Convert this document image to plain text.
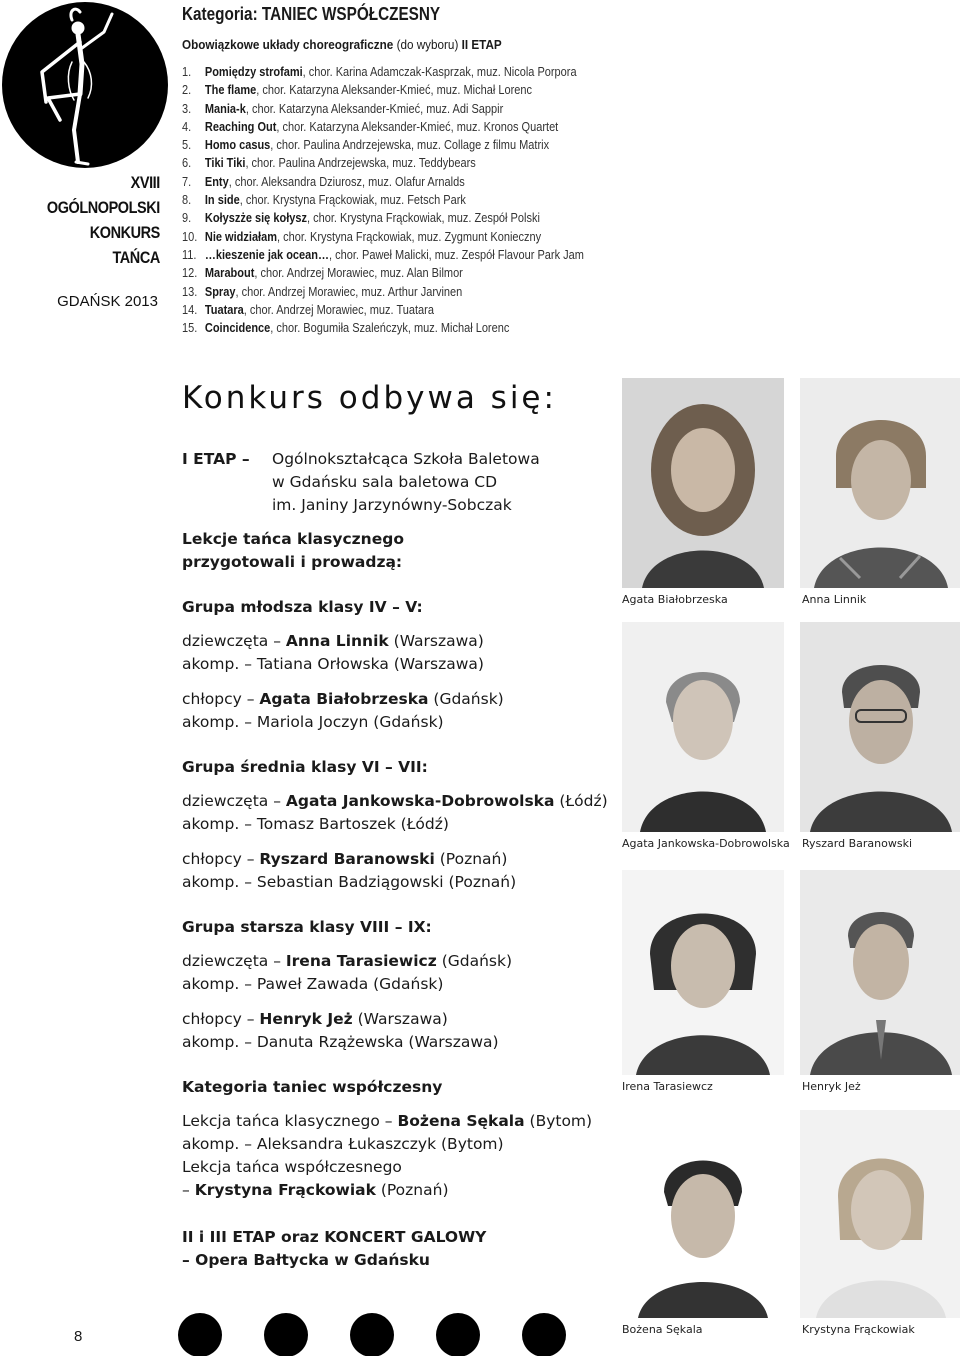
XVIII
OGÓLNOPOLSKI
KONKURS
TAŃCA
GDAŃSK 2013
Kategoria: TANIEC WSPÓŁCZESNY
Obowiązkowe układy choreograficzne (do wyboru) II ETAP
1. Pomiędzy strofami, chor. Karina Adamczak-Kasprzak, muz. Nicola Porpora
2. The flame, chor. Katarzyna Aleksander-Kmieć, muz. Michał Lorenc
3. Mania-k, chor. Katarzyna Aleksander-Kmieć, muz. Adi Sappir
4. Reaching Out, chor. Katarzyna Aleksander-Kmieć, muz. Kronos Quartet
5. Homo casus, chor. Paulina Andrzejewska, muz. Collage z filmu Matrix
6. Tiki Tiki, chor. Paulina Andrzejewska, muz. Teddybears
7. Enty, chor. Aleksandra Dziurosz, muz. Olafur Arnalds
8. In side, chor. Krystyna Frąckowiak, muz. Fetsch Park
9. Kołyszże się kołysz, chor. Krystyna Frąckowiak, muz. Zespół Polski
10. Nie widziałam, chor. Krystyna Frąckowiak, muz. Zygmunt Konieczny
11. …kieszenie jak ocean…, chor. Paweł Malicki, muz. Zespół Flavour Park Jam
12. Marabout, chor. Andrzej Morawiec, muz. Alan Bilmor
13. Spray, chor. Andrzej Morawiec, muz. Arthur Jarvinen
14. Tuatara, chor. Andrzej Morawiec, muz. Tuatara
15. Coincidence, chor. Bogumiła Szaleńczyk, muz. Michał Lorenc
Konkurs odbywa się:
I ETAP – Ogólnokształcąca Szkoła Baletowa
w Gdańsku sala baletowa CD
im. Janiny Jarzynówny-Sobczak
Lekcje tańca klasycznego
przygotowali i prowadzą:
Grupa młodsza klasy IV – V:
dziewczęta – Anna Linnik (Warszawa)
akomp. – Tatiana Orłowska (Warszawa)
chłopcy – Agata Białobrzeska (Gdańsk)
akomp. – Mariola Joczyn (Gdańsk)
Grupa średnia klasy VI – VII:
dziewczęta – Agata Jankowska-Dobrowolska (Łódź)
akomp. – Tomasz Bartoszek (Łódź)
chłopcy – Ryszard Baranowski (Poznań)
akomp. – Sebastian Badziągowski (Poznań)
Grupa starsza klasy VIII – IX:
dziewczęta – Irena Tarasiewicz (Gdańsk)
akomp. – Paweł Zawada (Gdańsk)
chłopcy – Henryk Jeż (Warszawa)
akomp. – Danuta Rzążewska (Warszawa)
Kategoria taniec współczesny
Lekcja tańca klasycznego – Bożena Sękala (Bytom)
akomp. – Aleksandra Łukaszczyk (Bytom)
Lekcja tańca współczesnego
– Krystyna Frąckowiak (Poznań)
II i III ETAP oraz KONCERT GALOWY
– Opera Bałtycka w Gdańsku
Agata Białobrzeska	Anna Linnik
Agata Jankowska-Dobrowolska Ryszard Baranowski
Irena Tarasiewcz	Henryk Jeż
Bożena Sękala	Krystyna Frąckowiak
8
